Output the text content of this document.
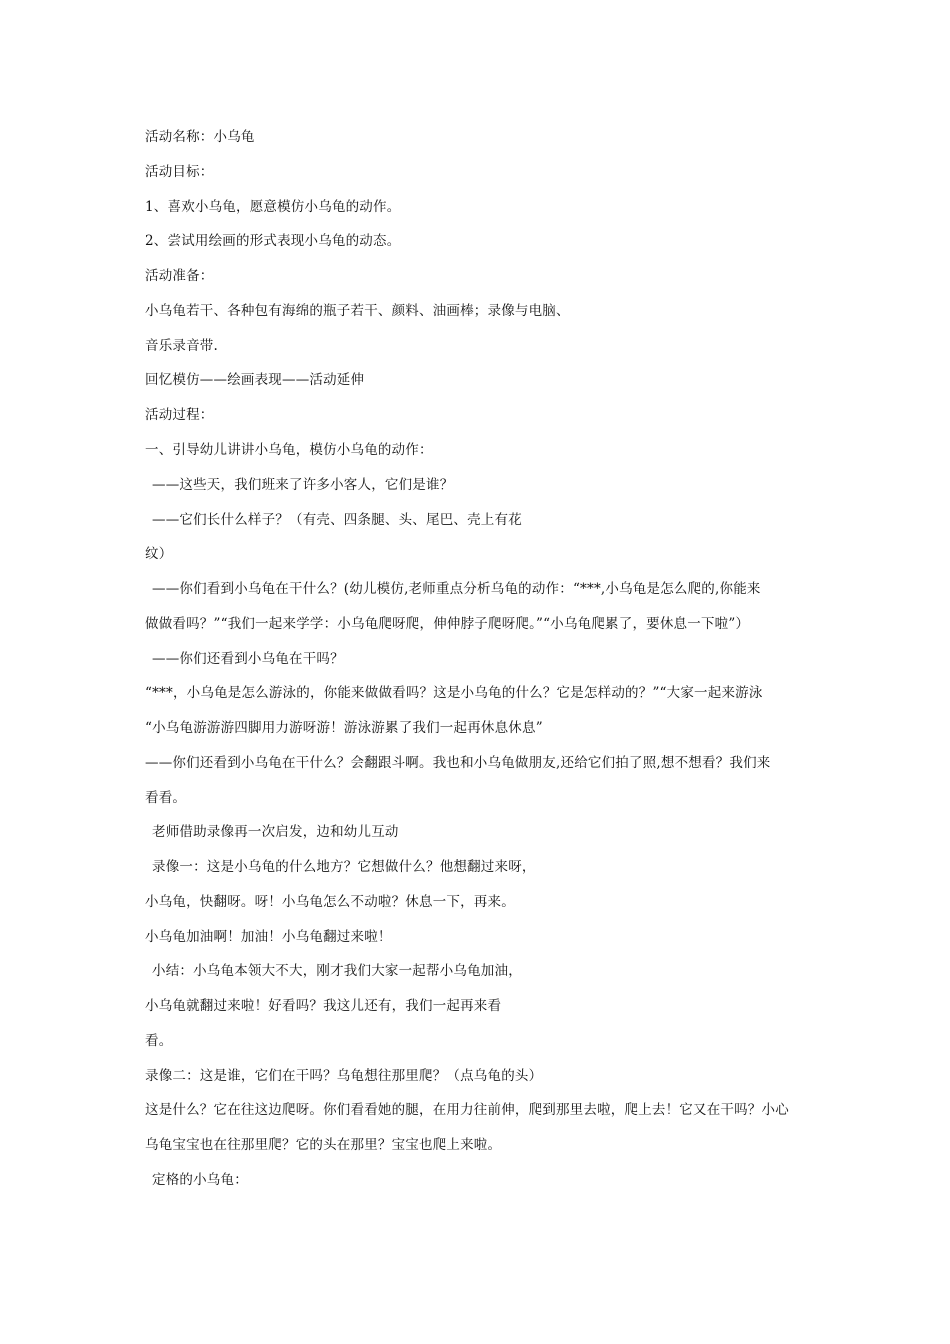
活动名称：小乌龟
活动目标：
1、喜欢小乌龟，愿意模仿小乌龟的动作。
2、尝试用绘画的形式表现小乌龟的动态。
活动准备：
小乌龟若干、各种包有海绵的瓶子若干、颜料、油画棒；录像与电脑、
音乐录音带.
回忆模仿——绘画表现——活动延伸
活动过程：
一、引导幼儿讲讲小乌龟，模仿小乌龟的动作：
——这些天，我们班来了许多小客人，它们是谁？
——它们长什么样子？（有壳、四条腿、头、尾巴、壳上有花
纹）
——你们看到小乌龟在干什么？(幼儿模仿,老师重点分析乌龟的动作：“***,小乌龟是怎么爬的,你能来
做做看吗？”“我们一起来学学：小乌龟爬呀爬，伸伸脖子爬呀爬。”“小乌龟爬累了，要休息一下啦”）
——你们还看到小乌龟在干吗？
“***，小乌龟是怎么游泳的，你能来做做看吗？这是小乌龟的什么？它是怎样动的？”“大家一起来游泳
“小乌龟游游游四脚用力游呀游！游泳游累了我们一起再休息休息”
——你们还看到小乌龟在干什么？会翻跟斗啊。我也和小乌龟做朋友,还给它们拍了照,想不想看？我们来
看看。
老师借助录像再一次启发，边和幼儿互动
录像一：这是小乌龟的什么地方？它想做什么？他想翻过来呀，
小乌龟，快翻呀。呀！小乌龟怎么不动啦？休息一下，再来。
小乌龟加油啊！加油！小乌龟翻过来啦！
小结：小乌龟本领大不大，刚才我们大家一起帮小乌龟加油，
小乌龟就翻过来啦！好看吗？我这儿还有，我们一起再来看
看。
录像二：这是谁，它们在干吗？乌龟想往那里爬？（点乌龟的头）
这是什么？它在往这边爬呀。你们看看她的腿，在用力往前伸，爬到那里去啦，爬上去！它又在干吗？小心
乌龟宝宝也在往那里爬？它的头在那里？宝宝也爬上来啦。
定格的小乌龟：
